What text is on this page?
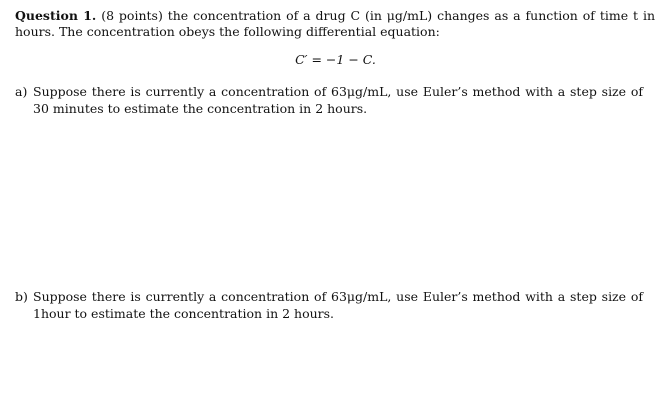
Question 1. (8 points) the concentration of a drug C (in μg/mL) changes as a function of time t in hours. The concentration obeys the following differential equation:
C′ = −1 − C.
a) Suppose there is currently a concentration of 63μg/mL, use Euler’s method with a step size of 30 minutes to estimate the concentration in 2 hours.
b) Suppose there is currently a concentration of 63μg/mL, use Euler’s method with a step size of 1hour to estimate the concentration in 2 hours.
